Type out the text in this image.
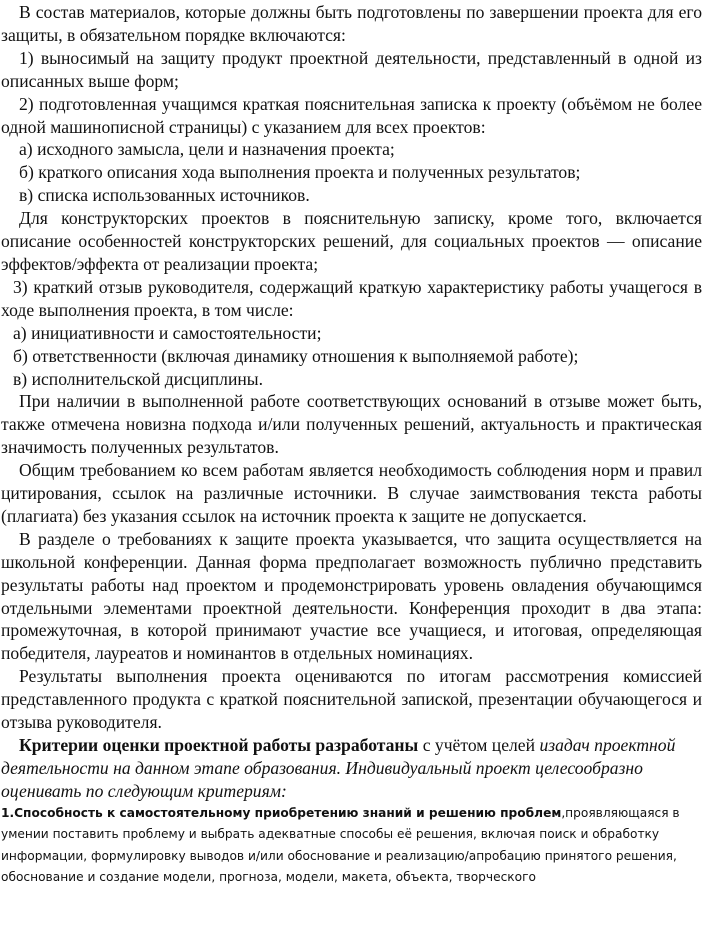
В состав материалов, которые должны быть подготовлены по завершении проекта для его защиты, в обязательном порядке включаются:

1) выносимый на защиту продукт проектной деятельности, представленный в одной из описанных выше форм;

2) подготовленная учащимся краткая пояснительная записка к проекту (объёмом не более одной машинописной страницы) с указанием для всех проектов:

а) исходного замысла, цели и назначения проекта;

б) краткого описания хода выполнения проекта и полученных результатов;

в) списка использованных источников.

Для конструкторских проектов в пояснительную записку, кроме того, включается описание особенностей конструкторских решений, для социальных проектов — описание эффектов/эффекта от реализации проекта;

3) краткий отзыв руководителя, содержащий краткую характеристику работы учащегося в ходе выполнения проекта, в том числе:

а) инициативности и самостоятельности;

б) ответственности (включая динамику отношения к выполняемой работе);

в) исполнительской дисциплины.

При наличии в выполненной работе соответствующих оснований в отзыве может быть, также отмечена новизна подхода и/или полученных решений, актуальность и практическая значимость полученных результатов.

Общим требованием ко всем работам является необходимость соблюдения норм и правил цитирования, ссылок на различные источники. В случае заимствования текста работы (плагиата) без указания ссылок на источник проекта к защите не допускается.

В разделе о требованиях к защите проекта указывается, что защита осуществляется на школьной конференции. Данная форма предполагает возможность публично представить результаты работы над проектом и продемонстрировать уровень овладения обучающимся отдельными элементами проектной деятельности. Конференция проходит в два этапа: промежуточная, в которой принимают участие все учащиеся, и итоговая, определяющая победителя, лауреатов и номинантов в отдельных номинациях.

Результаты выполнения проекта оцениваются по итогам рассмотрения комиссией представленного продукта с краткой пояснительной запиской, презентации обучающегося и отзыва руководителя.

Критерии оценки проектной работы разработаны с учётом целей изадач проектной деятельности на данном этапе образования. Индивидуальный проект целесообразно оценивать по следующим критериям:

1.Способность к самостоятельному приобретению знаний и решению проблем,проявляющаяся в умении поставить проблему и выбрать адекватные способы её решения, включая поиск и обработку информации, формулировку выводов и/или обоснование и реализацию/апробацию принятого решения, обоснование и создание модели, прогноза, модели, макета, объекта, творческого
